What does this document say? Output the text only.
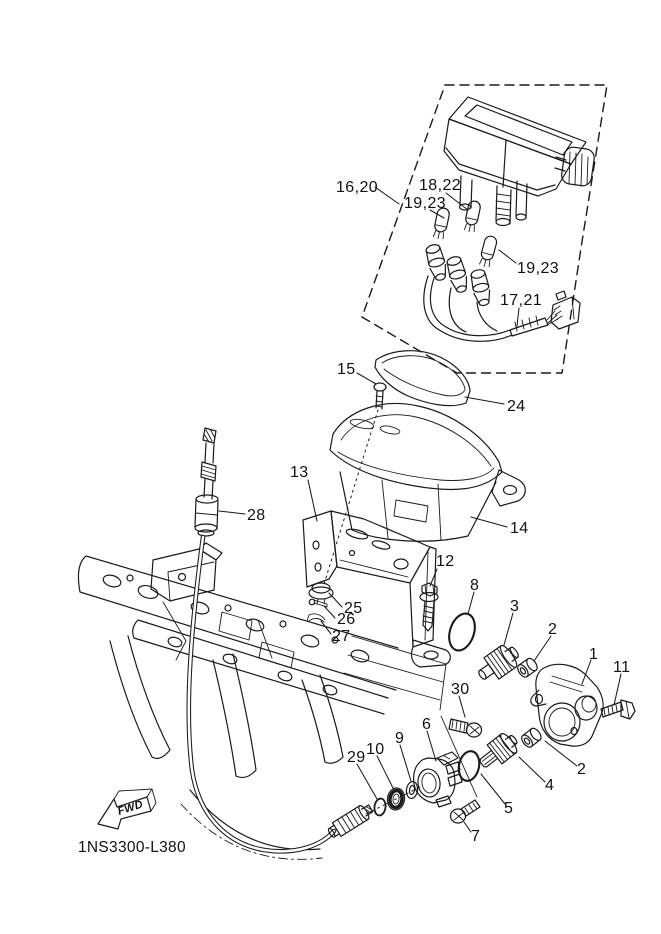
16,20	18,22
19,23
19,23
17,21
15
24
13
14
28
12
8
3
2
1
11
25
26
27
30
6
29 10
9
2
4
5
7
FWD
1NS3300-L380
